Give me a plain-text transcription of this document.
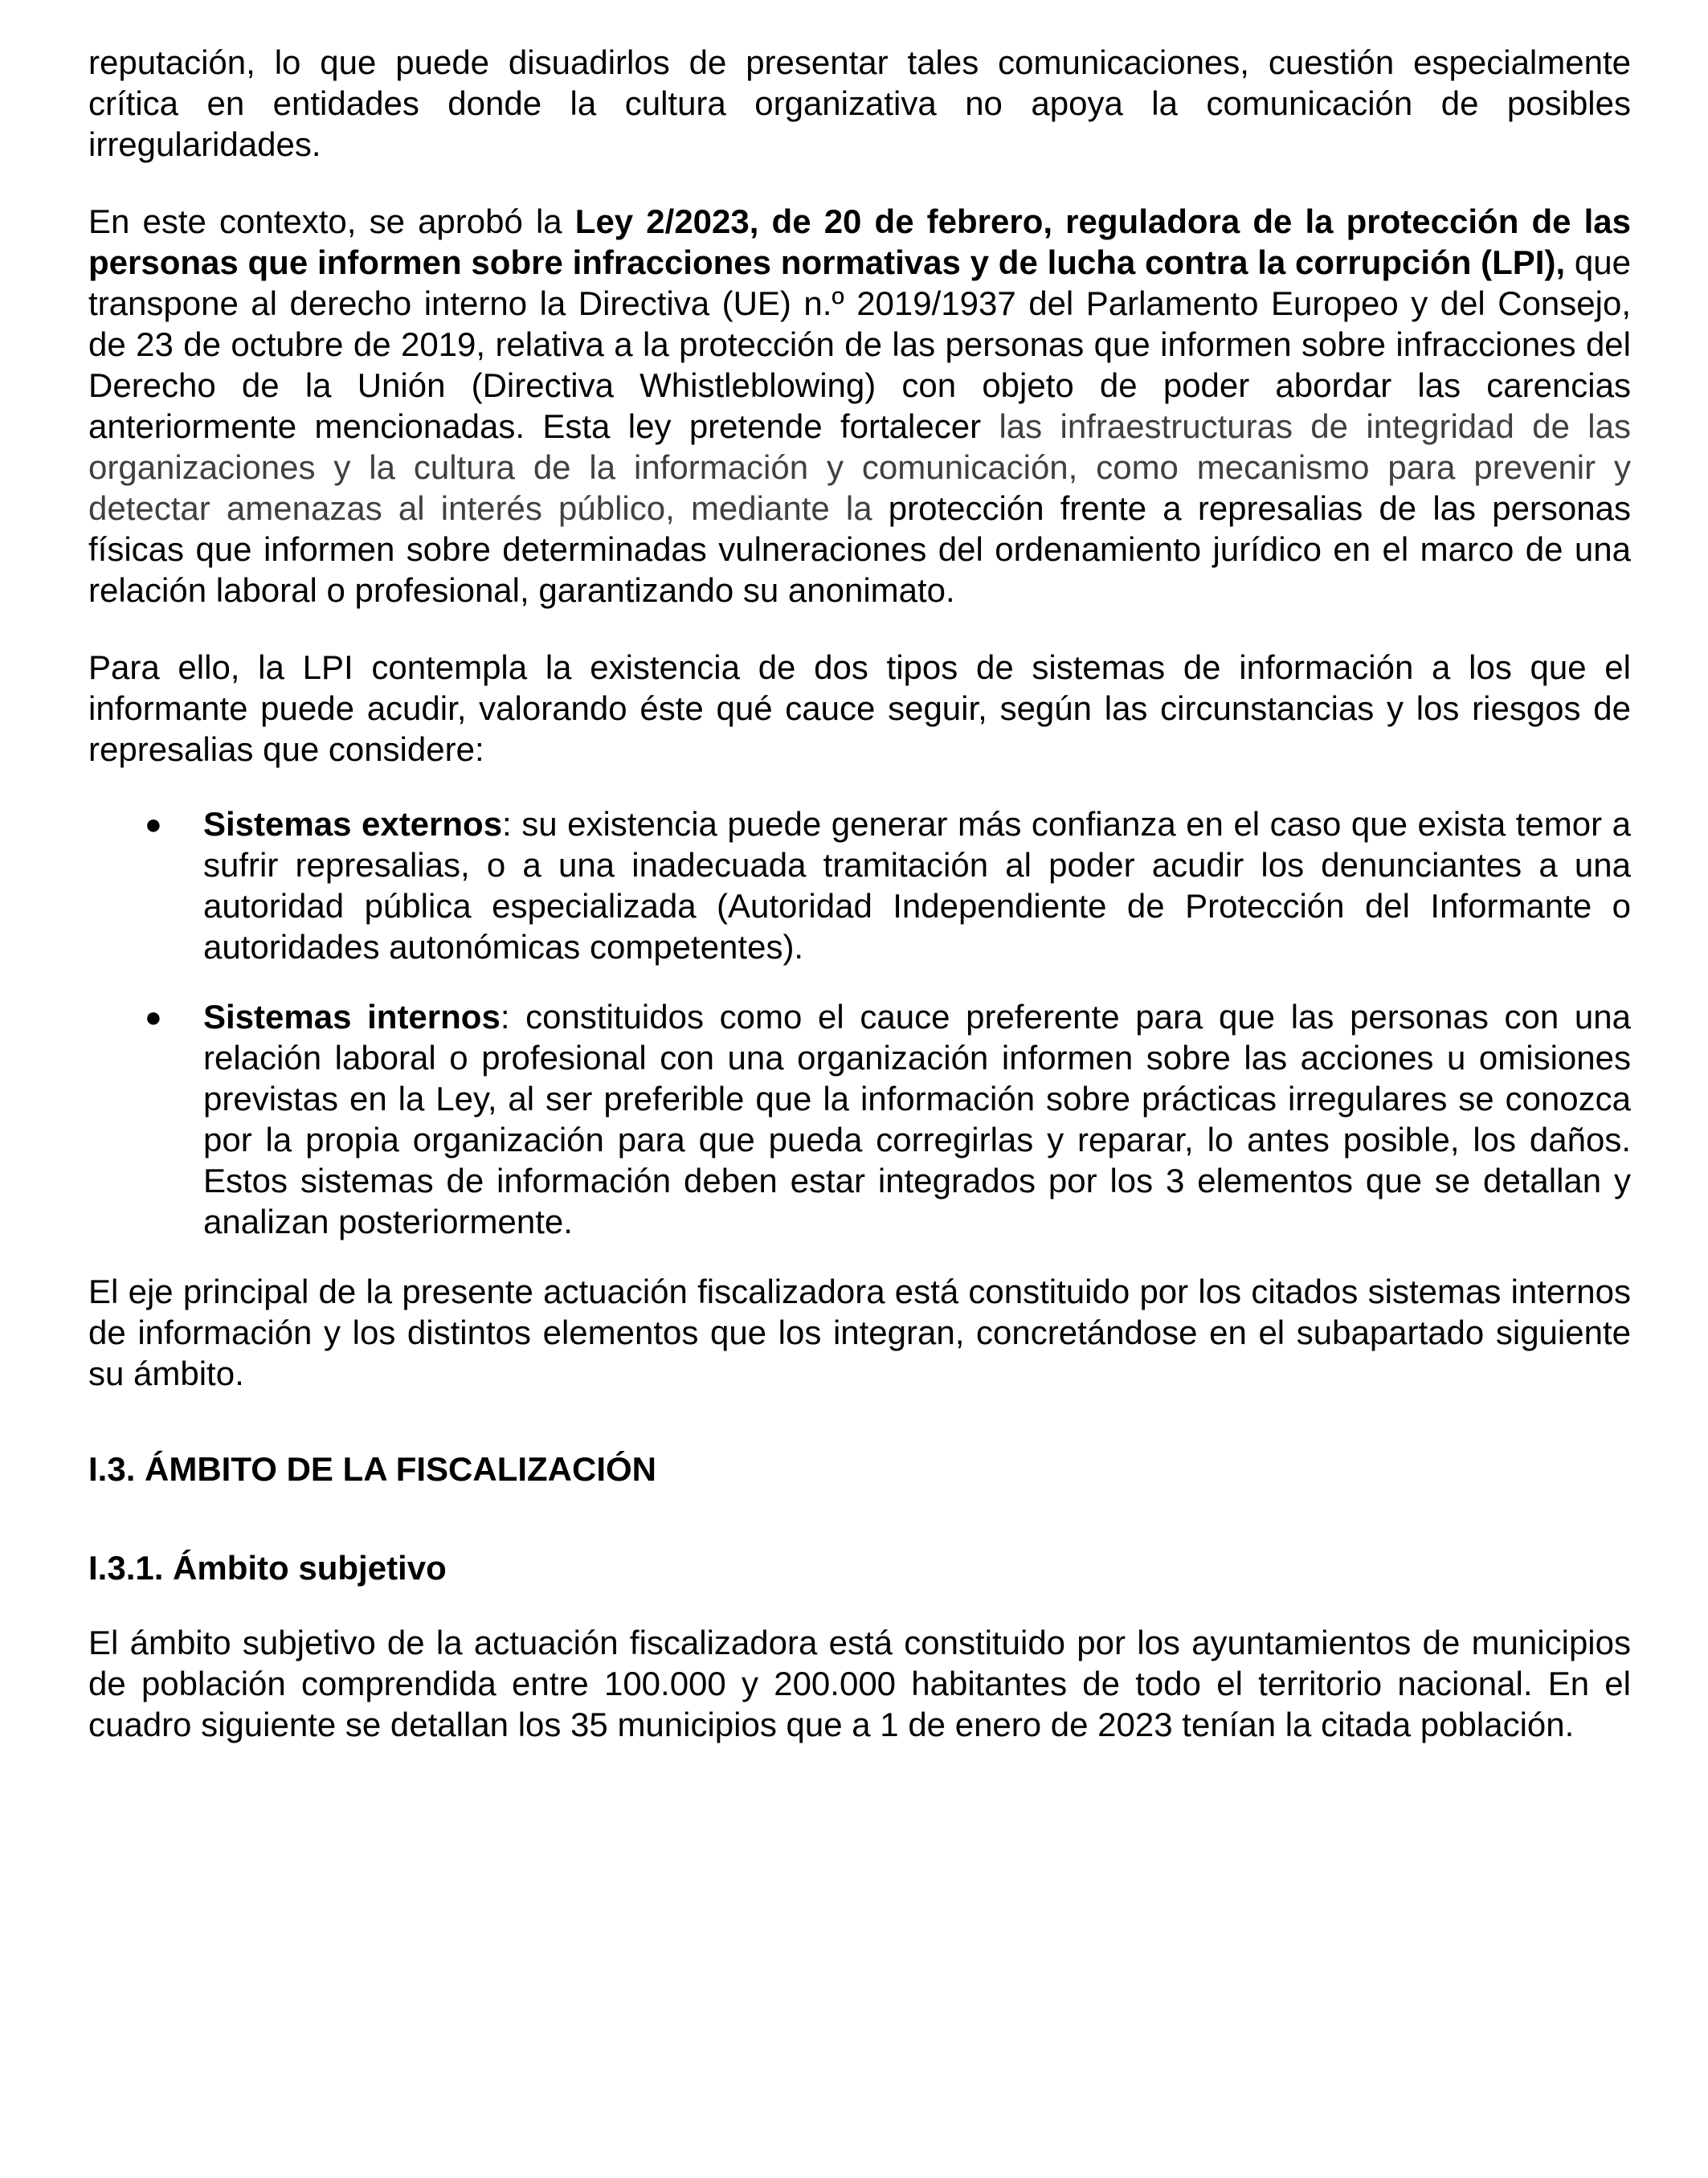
reputación, lo que puede disuadirlos de presentar tales comunicaciones, cuestión especialmente crítica en entidades donde la cultura organizativa no apoya la comunicación de posibles irregularidades.

En este contexto, se aprobó la Ley 2/2023, de 20 de febrero, reguladora de la protección de las personas que informen sobre infracciones normativas y de lucha contra la corrupción (LPI), que transpone al derecho interno la Directiva (UE) n.º 2019/1937 del Parlamento Europeo y del Consejo, de 23 de octubre de 2019, relativa a la protección de las personas que informen sobre infracciones del Derecho de la Unión (Directiva Whistleblowing) con objeto de poder abordar las carencias anteriormente mencionadas. Esta ley pretende fortalecer las infraestructuras de integridad de las organizaciones y la cultura de la información y comunicación, como mecanismo para prevenir y detectar amenazas al interés público, mediante la protección frente a represalias de las personas físicas que informen sobre determinadas vulneraciones del ordenamiento jurídico en el marco de una relación laboral o profesional, garantizando su anonimato.

Para ello, la LPI contempla la existencia de dos tipos de sistemas de información a los que el informante puede acudir, valorando éste qué cauce seguir, según las circunstancias y los riesgos de represalias que considere:

● Sistemas externos: su existencia puede generar más confianza en el caso que exista temor a sufrir represalias, o a una inadecuada tramitación al poder acudir los denunciantes a una autoridad pública especializada (Autoridad Independiente de Protección del Informante o autoridades autonómicas competentes).
● Sistemas internos: constituidos como el cauce preferente para que las personas con una relación laboral o profesional con una organización informen sobre las acciones u omisiones previstas en la Ley, al ser preferible que la información sobre prácticas irregulares se conozca por la propia organización para que pueda corregirlas y reparar, lo antes posible, los daños. Estos sistemas de información deben estar integrados por los 3 elementos que se detallan y analizan posteriormente.

El eje principal de la presente actuación fiscalizadora está constituido por los citados sistemas internos de información y los distintos elementos que los integran, concretándose en el subapartado siguiente su ámbito.

I.3. ÁMBITO DE LA FISCALIZACIÓN
I.3.1. Ámbito subjetivo

El ámbito subjetivo de la actuación fiscalizadora está constituido por los ayuntamientos de municipios de población comprendida entre 100.000 y 200.000 habitantes de todo el territorio nacional. En el cuadro siguiente se detallan los 35 municipios que a 1 de enero de 2023 tenían la citada población.
